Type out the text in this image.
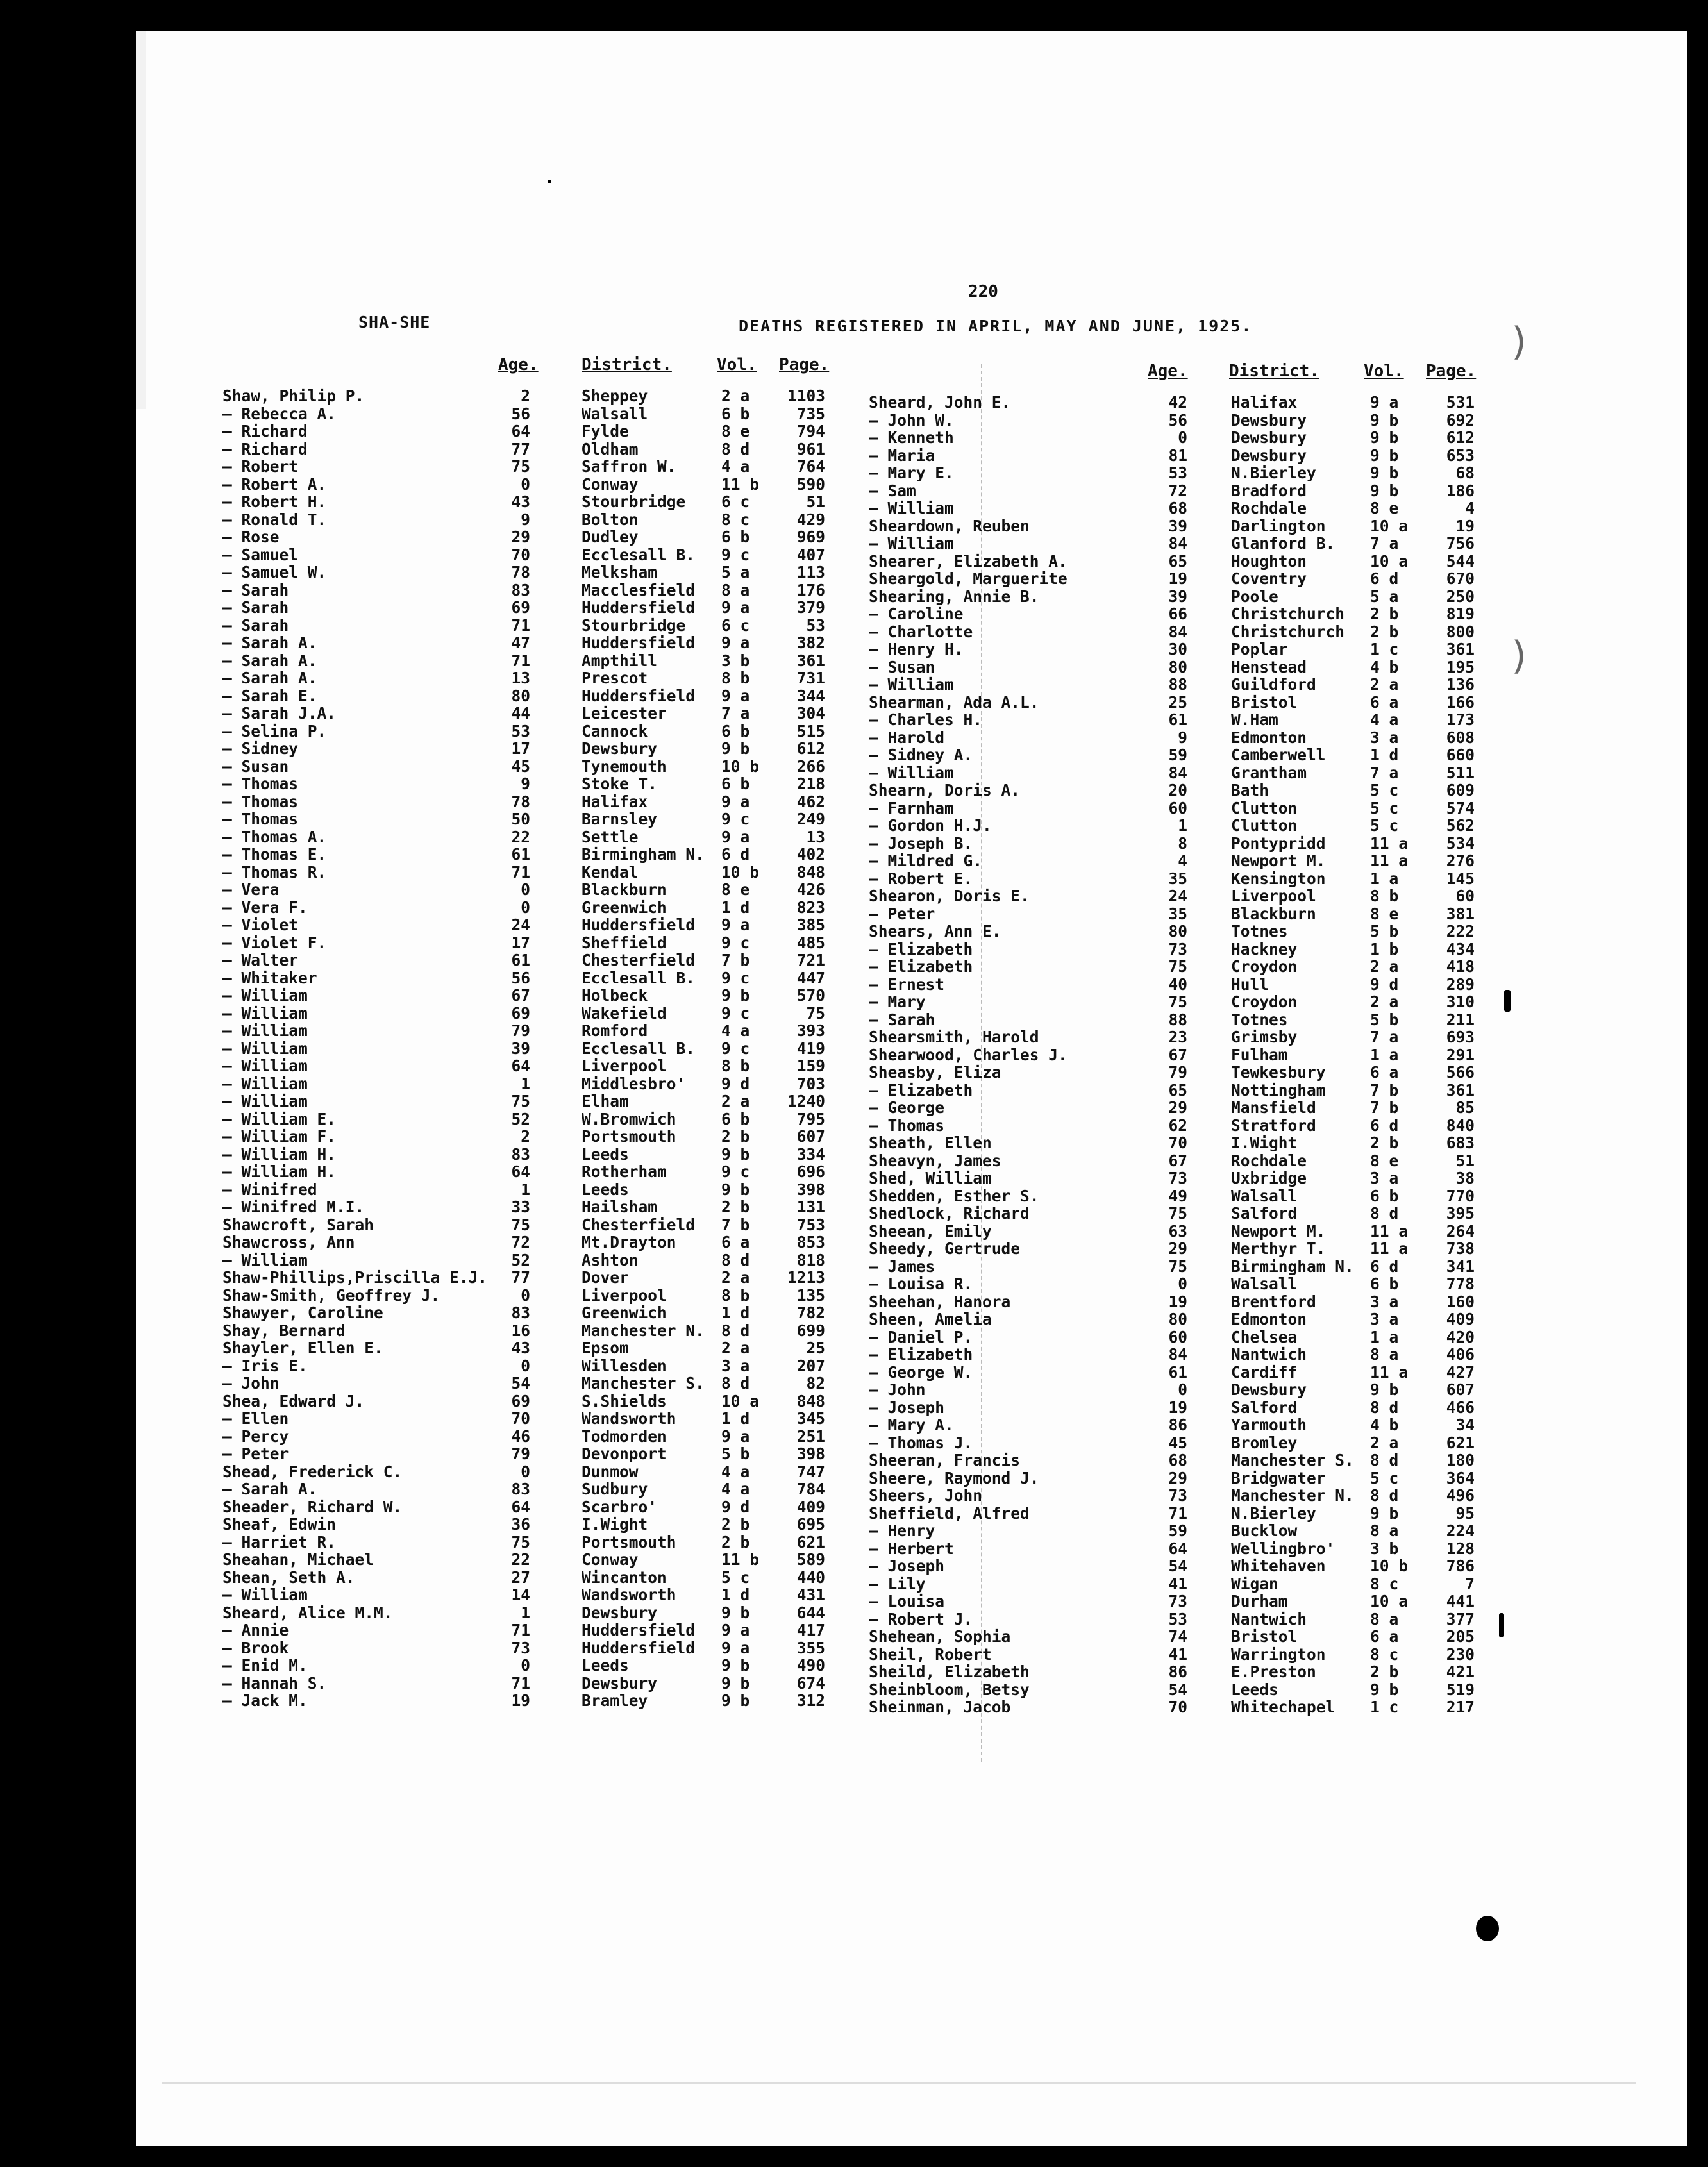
220
SHA-SHE	DEATHS REGISTERED IN APRIL, MAY AND JUNE, 1925.
Age.	District.	Vol. Page.	Age. District.	Vol. Page.
Shaw, Philip P.	2	Sheppey	2 a	1103
— Rebecca A.	56	Walsall	6 b	735
— Richard	64	Fylde	8 e	794
— Richard	77	Oldham	8 d	961
— Robert	75	Saffron W.	4 a	764
— Robert A.	0	Conway	11 b	590
— Robert H.	43	Stourbridge 6 c	51
— Ronald T.	9	Bolton	8 c	429
— Rose	29	Dudley	6 b	969
— Samuel	70	Ecclesall B. 9 c	407
— Samuel W.	78	Melksham	5 a	113
— Sarah	83	Macclesfield 8 a	176
— Sarah	69	Huddersfield 9 a	379
— Sarah	71	Stourbridge 6 c	53
— Sarah A.	47	Huddersfield 9 a	382
— Sarah A.	71	Ampthill	3 b	361
— Sarah A.	13	Prescot	8 b	731
— Sarah E.	80	Huddersfield 9 a	344
— Sarah J.A.	44	Leicester	7 a	304
— Selina P.	53	Cannock	6 b	515
— Sidney	17	Dewsbury	9 b	612
— Susan	45	Tynemouth	10 b	266
— Thomas	9	Stoke T.	6 b	218
— Thomas	78	Halifax	9 a	462
— Thomas	50	Barnsley	9 c	249
— Thomas A.	22	Settle	9 a	13
— Thomas E.	61	Birmingham N. 6 d	402
— Thomas R.	71	Kendal	10 b	848
— Vera	0	Blackburn	8 e	426
— Vera F.	0	Greenwich	1 d	823
— Violet	24	Huddersfield 9 a	385
— Violet F.	17	Sheffield	9 c	485
— Walter	61	Chesterfield 7 b	721
— Whitaker	56	Ecclesall B. 9 c	447
— William	67	Holbeck	9 b	570
— William	69	Wakefield	9 c	75
— William	79	Romford	4 a	393
— William	39	Ecclesall B. 9 c	419
— William	64	Liverpool	8 b	159
— William	1	Middlesbro' 9 d	703
— William	75	Elham	2 a	1240
— William E.	52	W.Bromwich	6 b	795
— William F.	2	Portsmouth	2 b	607
— William H.	83	Leeds	9 b	334
— William H.	64	Rotherham	9 c	696
— Winifred	1	Leeds	9 b	398
— Winifred M.I.	33	Hailsham	2 b	131
Shawcroft, Sarah	75	Chesterfield 7 b	753
Shawcross, Ann	72	Mt.Drayton	6 a	853
— William	52	Ashton	8 d	818
Shaw-Phillips,Priscilla E.J.	77	Dover	2 a	1213
Shaw-Smith, Geoffrey J.	0	Liverpool	8 b	135
Shawyer, Caroline	83	Greenwich	1 d	782
Shay, Bernard	16	Manchester N. 8 d	699
Shayler, Ellen E.	43	Epsom	2 a	25
— Iris E.	0	Willesden	3 a	207
— John	54	Manchester S. 8 d	82
Shea, Edward J.	69	S.Shields	10 a	848
— Ellen	70	Wandsworth	1 d	345
— Percy	46	Todmorden	9 a	251
— Peter	79	Devonport	5 b	398
Shead, Frederick C.	0	Dunmow	4 a	747
— Sarah A.	83	Sudbury	4 a	784
Sheader, Richard W.	64	Scarbro'	9 d	409
Sheaf, Edwin	36	I.Wight	2 b	695
— Harriet R.	75	Portsmouth	2 b	621
Sheahan, Michael	22	Conway	11 b	589
Shean, Seth A.	27	Wincanton	5 c	440
— William	14	Wandsworth	1 d	431
Sheard, Alice M.M.	1	Dewsbury	9 b	644
— Annie	71	Huddersfield 9 a	417
— Brook	73	Huddersfield 9 a	355
— Enid M.	0	Leeds	9 b	490
— Hannah S.	71	Dewsbury	9 b	674
— Jack M.	19	Bramley	9 b	312
Sheard, John E.	42	Halifax	9 a	531
— John W.	56	Dewsbury	9 b	692
— Kenneth	0	Dewsbury	9 b	612
— Maria	81	Dewsbury	9 b	653
— Mary E.	53	N.Bierley	9 b	68
— Sam	72	Bradford	9 b	186
— William	68	Rochdale	8 e	4
Sheardown, Reuben	39	Darlington	10 a	19
— William	84	Glanford B. 7 a	756
Shearer, Elizabeth A.	65	Houghton	10 a	544
Sheargold, Marguerite	19	Coventry	6 d	670
Shearing, Annie B.	39	Poole	5 a	250
— Caroline	66	Christchurch 2 b	819
— Charlotte	84	Christchurch 2 b	800
— Henry H.	30	Poplar	1 c	361
— Susan	80	Henstead	4 b	195
— William	88	Guildford	2 a	136
Shearman, Ada A.L.	25	Bristol	6 a	166
— Charles H.	61	W.Ham	4 a	173
— Harold	9	Edmonton	3 a	608
— Sidney A.	59	Camberwell	1 d	660
— William	84	Grantham	7 a	511
Shearn, Doris A.	20	Bath	5 c	609
— Farnham	60	Clutton	5 c	574
— Gordon H.J.	1	Clutton	5 c	562
— Joseph B.	8	Pontypridd	11 a	534
— Mildred G.	4	Newport M.	11 a	276
— Robert E.	35	Kensington	1 a	145
Shearon, Doris E.	24	Liverpool	8 b	60
— Peter	35	Blackburn	8 e	381
Shears, Ann E.	80	Totnes	5 b	222
— Elizabeth	73	Hackney	1 b	434
— Elizabeth	75	Croydon	2 a	418
— Ernest	40	Hull	9 d	289
— Mary	75	Croydon	2 a	310
— Sarah	88	Totnes	5 b	211
Shearsmith, Harold	23	Grimsby	7 a	693
Shearwood, Charles J.	67	Fulham	1 a	291
Sheasby, Eliza	79	Tewkesbury	6 a	566
— Elizabeth	65	Nottingham	7 b	361
— George	29	Mansfield	7 b	85
— Thomas	62	Stratford	6 d	840
Sheath, Ellen	70	I.Wight	2 b	683
Sheavyn, James	67	Rochdale	8 e	51
Shed, William	73	Uxbridge	3 a	38
Shedden, Esther S.	49	Walsall	6 b	770
Shedlock, Richard	75	Salford	8 d	395
Sheean, Emily	63	Newport M.	11 a	264
Sheedy, Gertrude	29	Merthyr T.	11 a	738
— James	75	Birmingham N. 6 d	341
— Louisa R.	0	Walsall	6 b	778
Sheehan, Hanora	19	Brentford	3 a	160
Sheen, Amelia	80	Edmonton	3 a	409
— Daniel P.	60	Chelsea	1 a	420
— Elizabeth	84	Nantwich	8 a	406
— George W.	61	Cardiff	11 a	427
— John	0	Dewsbury	9 b	607
— Joseph	19	Salford	8 d	466
— Mary A.	86	Yarmouth	4 b	34
— Thomas J.	45	Bromley	2 a	621
Sheeran, Francis	68	Manchester S. 8 d	180
Sheere, Raymond J.	29	Bridgwater	5 c	364
Sheers, John	73	Manchester N. 8 d	496
Sheffield, Alfred	71	N.Bierley	9 b	95
— Henry	59	Bucklow	8 a	224
— Herbert	64	Wellingbro' 3 b	128
— Joseph	54	Whitehaven	10 b	786
— Lily	41	Wigan	8 c	7
— Louisa	73	Durham	10 a	441
— Robert J.	53	Nantwich	8 a	377
Shehean, Sophia	74	Bristol	6 a	205
Sheil, Robert	41	Warrington	8 c	230
Sheild, Elizabeth	86	E.Preston	2 b	421
Sheinbloom, Betsy	54	Leeds	9 b	519
Sheinman, Jacob	70	Whitechapel 1 c	217
)
)
